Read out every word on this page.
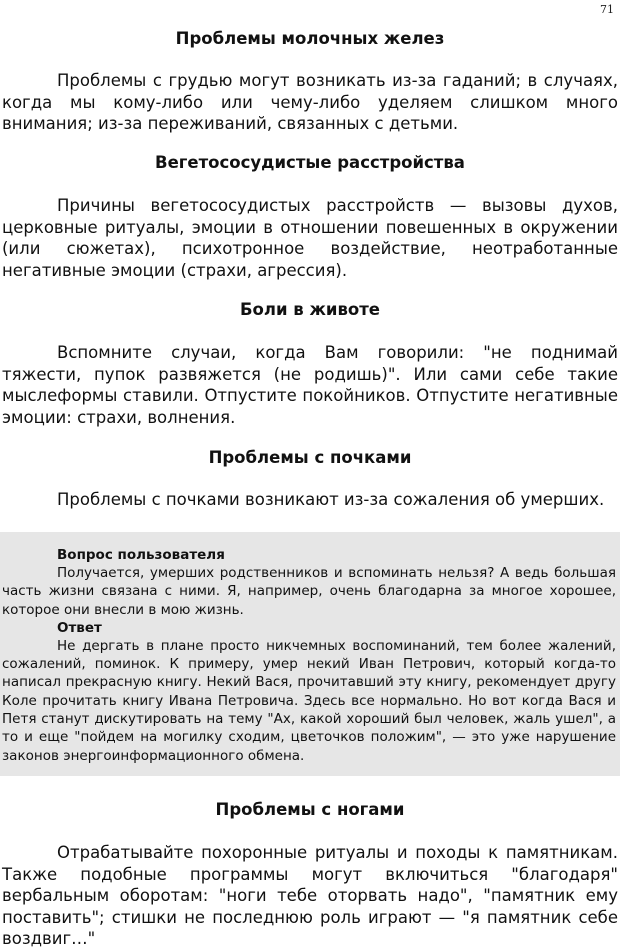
71
Проблемы молочных желез

Проблемы с грудью могут возникать из-за гаданий; в случаях, когда мы кому-либо или чему-либо уделяем слишком много внимания; из-за переживаний, связанных с детьми.

Вегетососудистые расстройства

Причины вегетососудистых расстройств — вызовы духов, церковные ритуалы, эмоции в отношении повешенных в окружении (или сюжетах), психотронное воздействие, неотработанные негативные эмоции (страхи, агрессия).

Боли в животе

Вспомните случаи, когда Вам говорили: "не поднимай тяжести, пупок развяжется (не родишь)". Или сами себе такие мыслеформы ставили. Отпустите покойников. Отпустите негативные эмоции: страхи, волнения.

Проблемы с почками

Проблемы с почками возникают из-за сожаления об умерших.

Вопрос пользователя

Получается, умерших родственников и вспоминать нельзя? А ведь большая часть жизни связана с ними. Я, например, очень благодарна за многое хорошее, которое они внесли в мою жизнь.

Ответ

Не дергать в плане просто никчемных воспоминаний, тем более жалений, сожалений, поминок. К примеру, умер некий Иван Петрович, который когда-то написал прекрасную книгу. Некий Вася, прочитавший эту книгу, рекомендует другу Коле прочитать книгу Ивана Петровича. Здесь все нормально. Но вот когда Вася и Петя станут дискутировать на тему "Ах, какой хороший был человек, жаль ушел", а то и еще "пойдем на могилку сходим, цветочков положим", — это уже нарушение законов энергоинформационного обмена.

Проблемы с ногами

Отрабатывайте похоронные ритуалы и походы к памятникам. Также подобные программы могут включиться "благодаря" вербальным оборотам: "ноги тебе оторвать надо", "памятник ему поставить"; стишки не последнюю роль играют — "я памятник себе воздвиг…"
